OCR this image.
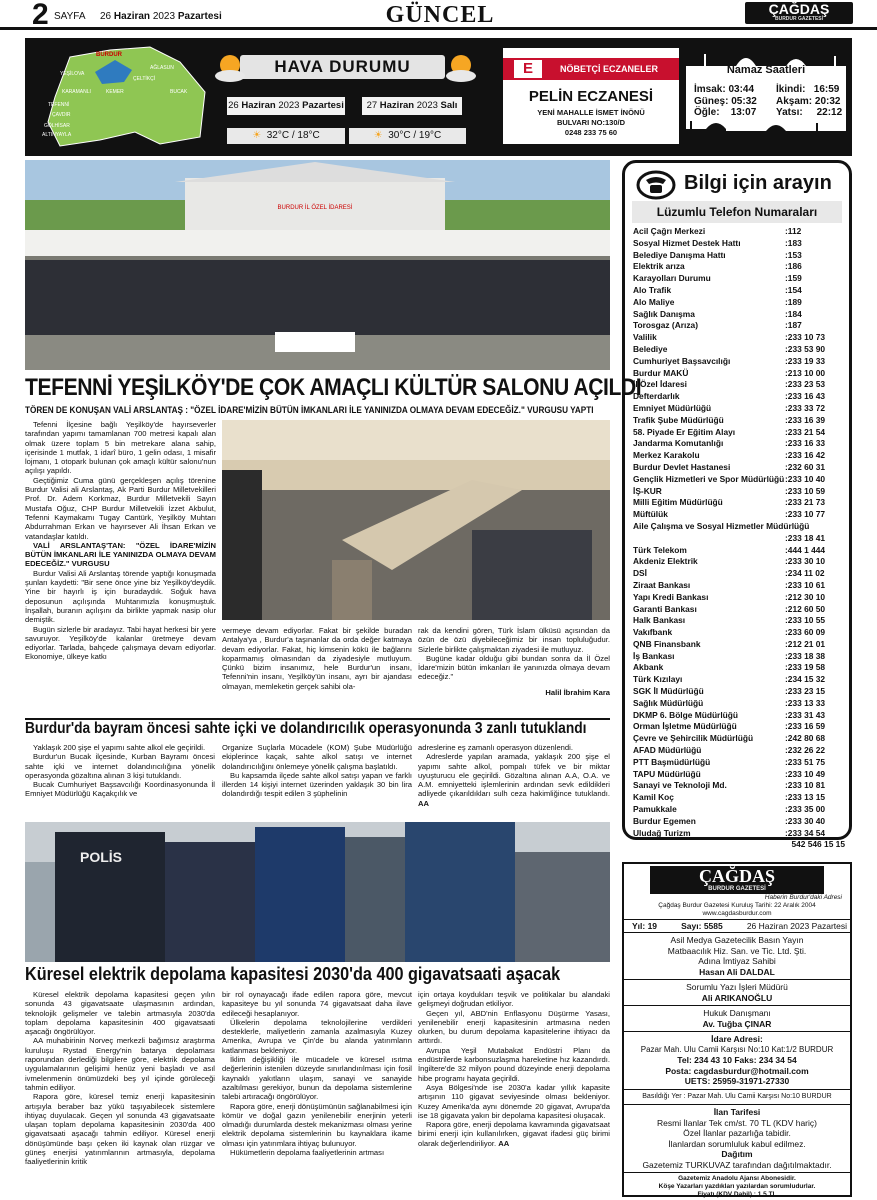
2 SAYFA 26 Haziran 2023 Pazartesi	GÜNCEL	ÇAĞDAŞ
BURDUR GAZETESİ
BURDUR
AĞLASUN
YEŞİLOVA
ÇELTİKÇİ
KARAMANLI	KEMER	BUCAK
TEFENNİ
ÇAVDIR
GÖLHİSAR
ALTINYAYLA
HAVA DURUMU
26 Haziran 2023 Pazartesi	27 Haziran 2023 Salı
☀ 32°C / 18°C	☀ 30°C / 19°C
E	NÖBETÇİ ECZANELER
PELİN ECZANESİ
YENİ MAHALLE İSMET İNÖNÜ
BULVARI NO:130/D
0248 233 75 60
Namaz Saatleri
İmsak: 03:44 İkindi: 16:59
Güneş: 05:32 Akşam: 20:32
Öğle: 13:07 Yatsı: 22:12
BURDUR İL ÖZEL İDARESİ
TEFENNİ YEŞİLKÖY'DE ÇOK AMAÇLI KÜLTÜR SALONU AÇILDI
TÖREN DE KONUŞAN VALİ ARSLANTAŞ : "ÖZEL İDARE'MİZİN BÜTÜN İMKANLARI İLE YANINIZDA OLMAYA DEVAM EDECEĞİZ." VURGUSU YAPTI

Tefenni İlçesine bağlı Yeşilköy'de hayırseverler tarafından yapımı tamamlanan 700 metresi kapalı alan olmak üzere toplam 5 bin metrekare alana sahip, içerisinde 1 mutfak, 1 idarî büro, 1 gelin odası, 1 misafir lojmanı, 1 otopark bulunan çok amaçlı kültür salonu'nun açılışı yapıldı.

Geçtiğimiz Cuma günü gerçekleşen açılış törenine Burdur Valisi ali Arslantaş, Ak Parti Burdur Milletvekilleri Prof. Dr. Adem Korkmaz, Burdur Milletvekili Sayın Mustafa Oğuz, CHP Burdur Milletvekili İzzet Akbulut, Tefenni Kaymakamı Tugay Cantürk, Yeşilköy Muhtarı Abdurrahman Erkan ve hayırsever Ali İhsan Erkan ve vatandaşlar katıldı.

VALİ ARSLANTAŞ'TAN: "ÖZEL İDARE'MİZİN BÜTÜN İMKANLARI İLE YANINIZDA OLMAYA DEVAM EDECEĞİZ." VURGUSU

Burdur Valisi Ali Arslantaş törende yaptığı konuşmada şunları kaydetti: "Bir sene önce yine biz Yeşilköy'deydik. Yine bir hayırlı iş için buradaydık. Soğuk hava deposunun açılışında Muhtarımızla konuşmuştuk. İnşallah, buranın açılışını da birlikte yapmak nasip olur demiştik.

Bugün sizlerle bir aradayız. Tabi hayat herkesi bir yere savuruyor. Yeşilköy'de kalanlar üretmeye devam ediyorlar. Tarlada, bahçede çalışmaya devam ediyorlar. Ekonomiye, ülkeye katkı

vermeye devam ediyorlar. Fakat bir şekilde buradan Antalya'ya , Burdur'a taşınanlar da orda değer katmaya devam ediyorlar. Fakat, hiç kimsenin kökü ile bağlarını koparmamış olmasından da ziyadesiyle mutluyum. Çünkü bizim insanımız, hele Burdur'un insanı, Tefenni'nin insanı, Yeşilköy'ün insanı, ayrı bir ajandası olmayan, memleketin gerçek sahibi ola-

rak da kendini gören, Türk İslam ülküsü açısından da özün de özü diyebileceğimiz bir insan topluluğudur. Sizlerle birlikte çalışmaktan ziyadesi ile mutluyuz.

Bugüne kadar olduğu gibi bundan sonra da İl Özel İdare'mizin bütün imkanları ile yanınızda olmaya devam edeceğiz."

Halil İbrahim Kara
Burdur'da bayram öncesi sahte içki ve dolandırıcılık operasyonunda 3 zanlı tutuklandı

Yaklaşık 200 şişe el yapımı sahte alkol ele geçirildi.

Burdur'un Bucak ilçesinde, Kurban Bayramı öncesi sahte içki ve internet dolandırıcılığına yönelik operasyonda gözaltına alınan 3 kişi tutuklandı.

Bucak Cumhuriyet Başsavcılığı Koordinasyonunda İl Emniyet Müdürlüğü Kaçakçılık ve

Organize Suçlarla Mücadele (KOM) Şube Müdürlüğü ekiplerince kaçak, sahte alkol satışı ve internet dolandırıcılığını önlemeye yönelik çalışma başlatıldı.

Bu kapsamda ilçede sahte alkol satışı yapan ve farklı illerden 14 kişiyi internet üzerinden yaklaşık 30 bin lira dolandırdığı tespit edilen 3 şüphelinin

adreslerine eş zamanlı operasyon düzenlendi.

Adreslerde yapılan aramada, yaklaşık 200 şişe el yapımı sahte alkol, pompalı tüfek ve bir miktar uyuşturucu ele geçirildi. Gözaltına alınan A.A, O.A. ve A.M. emniyetteki işlemlerinin ardından sevk edildikleri adliyede çıkarıldıkları sulh ceza hakimliğince tutuklandı. AA

POLİS
Küresel elektrik depolama kapasitesi 2030'da 400 gigavatsaati aşacak

Küresel elektrik depolama kapasitesi geçen yılın sonunda 43 gigavatsaate ulaşmasının ardından, teknolojik gelişmeler ve talebin artmasıyla 2030'da toplam depolama kapasitesinin 400 gigavatsaati aşacağı öngörülüyor.

AA muhabirinin Norveç merkezli bağımsız araştırma kuruluşu Rystad Energy'nin batarya depolaması raporundan derlediği bilgilere göre, elektrik depolama uygulamalarının gelişimi henüz yeni başladı ve asıl ivmelenmenin önümüzdeki beş yıl içinde görüleceği tahmin ediliyor.

Rapora göre, küresel temiz enerji kapasitesinin artışıyla beraber baz yükü taşıyabilecek sistemlere ihtiyaç duyulacak. Geçen yıl sonunda 43 gigavatsaate ulaşan toplam depolama kapasitesinin 2030'da 400 gigavatsaati aşacağı tahmin ediliyor. Küresel enerji dönüşümünde başı çeken iki kaynak olan rüzgar ve güneş enerjisi yatırımlarının artmasıyla, depolama faaliyetlerinin kritik

bir rol oynayacağı ifade edilen rapora göre, mevcut kapasiteye bu yıl sonunda 74 gigavatsaat daha ilave edileceği hesaplanıyor.

Ülkelerin depolama teknolojilerine verdikleri desteklerle, maliyetlerin zamanla azalmasıyla Kuzey Amerika, Avrupa ve Çin'de bu alanda yatırımların katlanması bekleniyor.

İklim değişikliği ile mücadele ve küresel ısıtma değerlerinin istenilen düzeyde sınırlandırılması için fosil kaynaklı yakıtların ulaşım, sanayi ve sanayide azaltılması gerekiyor, bunun da depolama sistemlerine talebi artıracağı öngörülüyor.

Rapora göre, enerji dönüşümünün sağlanabilmesi için kömür ve doğal gazın yenilenebilir enerjinin yeterli olmadığı durumlarda destek mekanizması olması yerine elektrik depolama sistemlerinin bu kaynaklara ikame olması için yatırımlara ihtiyaç bulunuyor.

Hükümetlerin depolama faaliyetlerinin artması

için ortaya koydukları teşvik ve politikalar bu alandaki gelişmeyi doğrudan etkiliyor.

Geçen yıl, ABD'nin Enflasyonu Düşürme Yasası, yenilenebilir enerji kapasitesinin artmasına neden olurken, bu durum depolama kapasitelerine ihtiyacı da arttırdı.

Avrupa Yeşil Mutabakat Endüstri Planı da endüstrilerde karbonsuzlaşma hareketine hız kazandırdı. İngiltere'de 32 milyon pound düzeyinde enerji depolama hibe programı hayata geçirildi.

Asya Bölgesi'nde ise 2030'a kadar yıllık kapasite artışının 110 gigavat seviyesinde olması bekleniyor. Kuzey Amerika'da aynı dönemde 20 gigavat, Avrupa'da ise 18 gigavata yakın bir depolama kapasitesi oluşacak.

Rapora göre, enerji depolama kavramında gigavatsaat birimi enerji için kullanılırken, gigavat ifadesi güç birimi olarak değerlendiriliyor. AA

Bilgi için arayın
Lüzumlu Telefon Numaraları
Acil Çağrı Merkezi	:112
Sosyal Hizmet Destek Hattı	:183
Belediye Danışma Hattı	:153
Elektrik arıza	:186
Karayolları Durumu	:159
Alo Trafik	:154
Alo Maliye	:189
Sağlık Danışma	:184
Torosgaz (Arıza)	:187
Valilik	:233 10 73
Belediye	:233 53 90
Cumhuriyet Başsavcılığı	:233 19 33
Burdur MAKÜ	:213 10 00
İl Özel İdaresi	:233 23 53
Defterdarlık	:233 16 43
Emniyet Müdürlüğü	:233 33 72
Trafik Şube Müdürlüğü	:233 16 39
58. Piyade Er Eğitim Alayı	:233 21 54
Jandarma Komutanlığı	:233 16 33
Merkez Karakolu	:233 16 42
Burdur Devlet Hastanesi	:232 60 31
Gençlik Hizmetleri ve Spor Müdürlüğü :233 10 40
İŞ-KUR	:233 10 59
Milli Eğitim Müdürlüğü	:233 21 73
Müftülük	:233 10 77
Aile Çalışma ve Sosyal Hizmetler Müdürlüğü
:233 18 41
Türk Telekom	:444 1 444
Akdeniz Elektrik	:233 30 10
DSİ	:234 11 02
Ziraat Bankası	:233 10 61
Yapı Kredi Bankası	:212 30 10
Garanti Bankası	:212 60 50
Halk Bankası	:233 10 55
Vakıfbank	:233 60 09
QNB Finansbank	:212 21 01
İş Bankası	:233 18 38
Akbank	:233 19 58
Türk Kızılayı	:234 15 32
SGK İl Müdürlüğü	:233 23 15
Sağlık Müdürlüğü	:233 13 33
DKMP 6. Bölge Müdürlüğü	:233 31 43
Orman İşletme Müdürlüğü	:233 16 59
Çevre ve Şehircilik Müdürlüğü	:242 80 68
AFAD Müdürlüğü	:232 26 22
PTT Başmüdürlüğü	:233 51 75
TAPU Müdürlüğü	:233 10 49
Sanayi ve Teknoloji Md.	:233 10 81
Kamil Koç	:233 13 15
Pamukkale	:233 35 00
Burdur Egemen	:233 30 40
Uludağ Turizm	:233 34 54
542 546 15 15
ÇAĞDAŞ
BURDUR GAZETESİ
Haberin Burdur'daki Adresi
Çağdaş Burdur Gazetesi Kuruluş Tarihi: 22 Aralık 2004
www.cagdasburdur.com
Yıl: 19	Sayı: 5585	26 Haziran 2023 Pazartesi
Asil Medya Gazetecilik Basın Yayın
Matbaacılık Hiz. San. ve Tic. Ltd. Şti.
Adına İmtiyaz Sahibi
Hasan Ali DALDAL
Sorumlu Yazı İşleri Müdürü
Ali ARIKANOĞLU
Hukuk Danışmanı
Av. Tuğba ÇINAR
İdare Adresi:
Pazar Mah. Ulu Camii Karşısı No:10 Kat:1/2 BURDUR
Tel: 234 43 10 Faks: 234 34 54
Posta: cagdasburdur@hotmail.com
UETS: 25959-31971-27330
Basıldığı Yer : Pazar Mah. Ulu Camii Karşısı No:10 BURDUR
İlan Tarifesi
Resmi İlanlar Tek cm/st. 70 TL (KDV hariç)
Özel İlanlar pazarlığa tabidir.
İlanlardan sorumluluk kabul edilmez.
Dağıtım
Gazetemiz TURKUVAZ tarafından dağıtılmaktadır.
Gazetemiz Anadolu Ajansı Abonesidir.
Köşe Yazarları yazdıkları yazılardan sorumludurlar.
Fiyatı (KDV Dahil) : 1,5 TL
